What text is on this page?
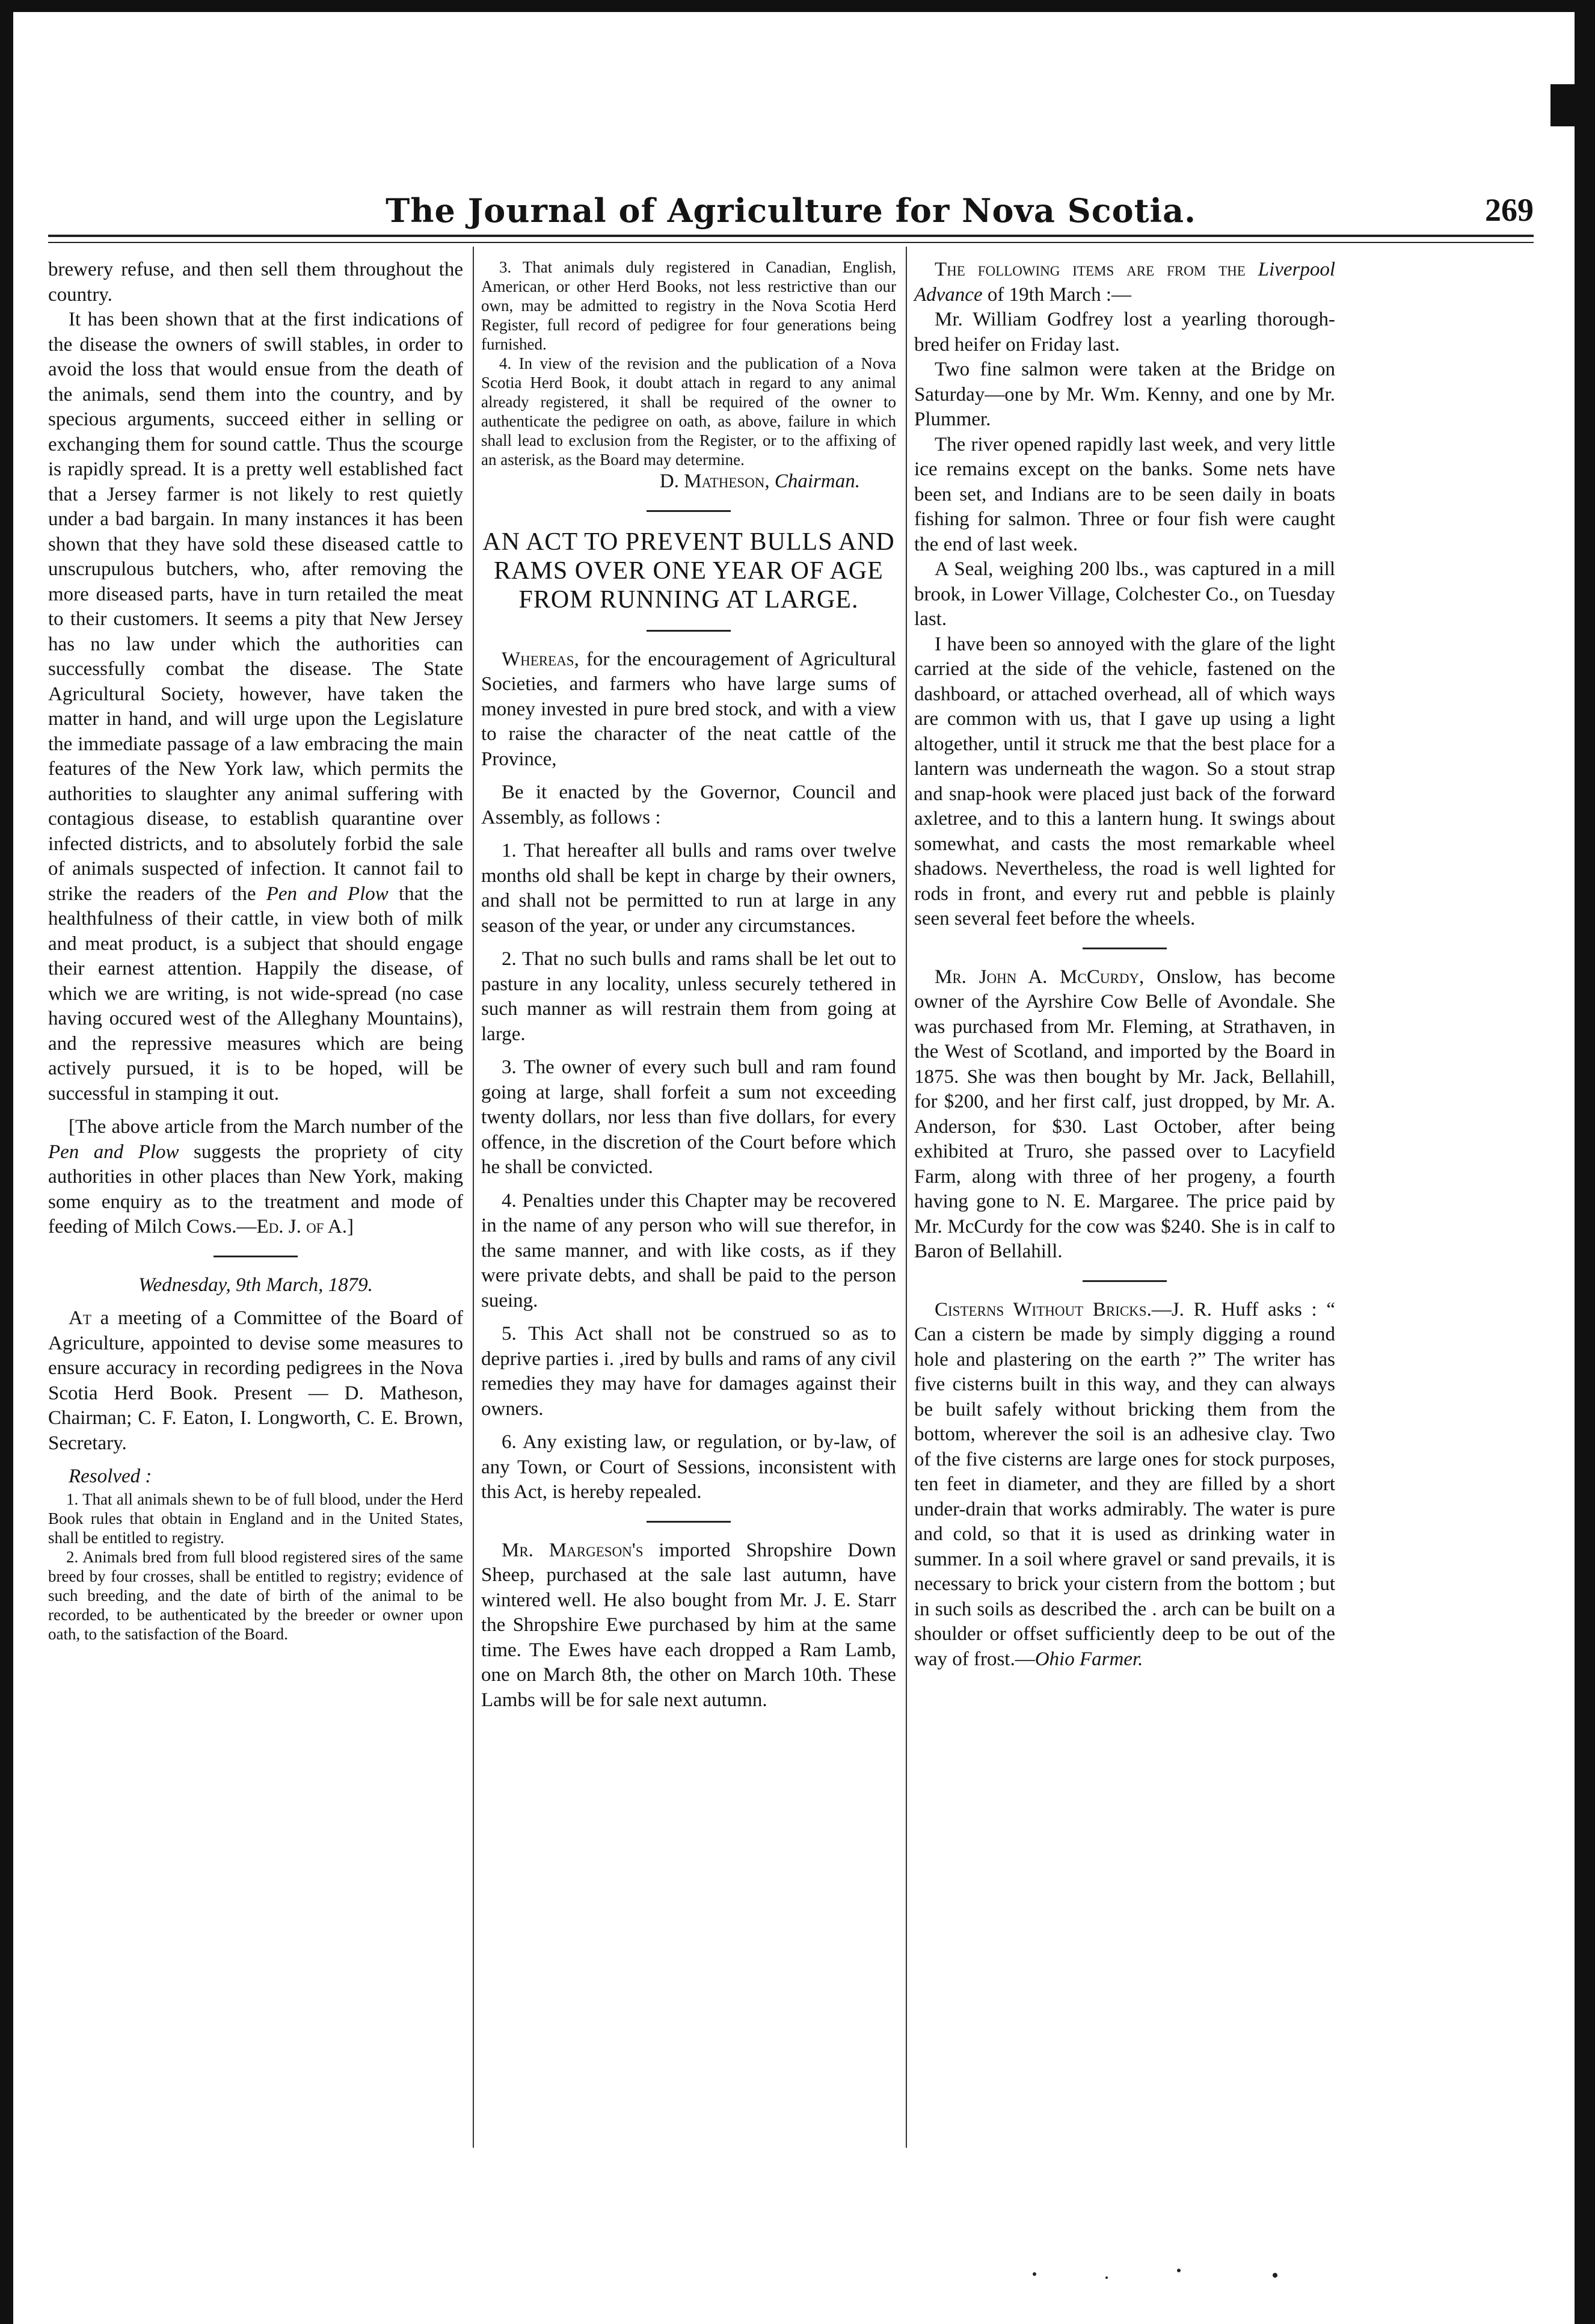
The Journal of Agriculture for Nova Scotia.	269

brewery refuse, and then sell them throughout the country.

It has been shown that at the first indications of the disease the owners of swill stables, in order to avoid the loss that would ensue from the death of the animals, send them into the country, and by specious arguments, succeed either in selling or exchanging them for sound cattle. Thus the scourge is rapidly spread. It is a pretty well established fact that a Jersey farmer is not likely to rest quietly under a bad bargain. In many instances it has been shown that they have sold these diseased cattle to unscrupulous butchers, who, after removing the more diseased parts, have in turn retailed the meat to their customers. It seems a pity that New Jersey has no law under which the authorities can successfully combat the disease. The State Agricultural Society, however, have taken the matter in hand, and will urge upon the Legislature the immediate passage of a law embracing the main features of the New York law, which permits the authorities to slaughter any animal suffering with contagious disease, to establish quarantine over infected districts, and to absolutely forbid the sale of animals suspected of infection. It cannot fail to strike the readers of the Pen and Plow that the healthfulness of their cattle, in view both of milk and meat product, is a subject that should engage their earnest attention. Happily the disease, of which we are writing, is not wide-spread (no case having occured west of the Alleghany Mountains), and the repressive measures which are being actively pursued, it is to be hoped, will be successful in stamping it out.

[The above article from the March number of the Pen and Plow suggests the propriety of city authorities in other places than New York, making some enquiry as to the treatment and mode of feeding of Milch Cows.—Ed. J. of A.]

Wednesday, 9th March, 1879.

At a meeting of a Committee of the Board of Agriculture, appointed to devise some measures to ensure accuracy in recording pedigrees in the Nova Scotia Herd Book. Present — D. Matheson, Chairman; C. F. Eaton, I. Longworth, C. E. Brown, Secretary.

Resolved :

1. That all animals shewn to be of full blood, under the Herd Book rules that obtain in England and in the United States, shall be entitled to registry.

2. Animals bred from full blood registered sires of the same breed by four crosses, shall be entitled to registry; evidence of such breeding, and the date of birth of the animal to be recorded, to be authenticated by the breeder or owner upon oath, to the satisfaction of the Board.

3. That animals duly registered in Canadian, English, American, or other Herd Books, not less restrictive than our own, may be admitted to registry in the Nova Scotia Herd Register, full record of pedigree for four generations being furnished.

4. In view of the revision and the publication of a Nova Scotia Herd Book, it doubt attach in regard to any animal already registered, it shall be required of the owner to authenticate the pedigree on oath, as above, failure in which shall lead to exclusion from the Register, or to the affixing of an asterisk, as the Board may determine.

D. Matheson, Chairman.

AN ACT TO PREVENT BULLS AND RAMS OVER ONE YEAR OF AGE FROM RUNNING AT LARGE.

Whereas, for the encouragement of Agricultural Societies, and farmers who have large sums of money invested in pure bred stock, and with a view to raise the character of the neat cattle of the Province,

Be it enacted by the Governor, Council and Assembly, as follows :

1. That hereafter all bulls and rams over twelve months old shall be kept in charge by their owners, and shall not be permitted to run at large in any season of the year, or under any circumstances.

2. That no such bulls and rams shall be let out to pasture in any locality, unless securely tethered in such manner as will restrain them from going at large.

3. The owner of every such bull and ram found going at large, shall forfeit a sum not exceeding twenty dollars, nor less than five dollars, for every offence, in the discretion of the Court before which he shall be convicted.

4. Penalties under this Chapter may be recovered in the name of any person who will sue therefor, in the same manner, and with like costs, as if they were private debts, and shall be paid to the person sueing.

5. This Act shall not be construed so as to deprive parties i. ,ired by bulls and rams of any civil remedies they may have for damages against their owners.

6. Any existing law, or regulation, or by-law, of any Town, or Court of Sessions, inconsistent with this Act, is hereby repealed.

Mr. Margeson's imported Shropshire Down Sheep, purchased at the sale last autumn, have wintered well. He also bought from Mr. J. E. Starr the Shropshire Ewe purchased by him at the same time. The Ewes have each dropped a Ram Lamb, one on March 8th, the other on March 10th. These Lambs will be for sale next autumn.

The following items are from the Liverpool Advance of 19th March :—

Mr. William Godfrey lost a yearling thorough-bred heifer on Friday last.

Two fine salmon were taken at the Bridge on Saturday—one by Mr. Wm. Kenny, and one by Mr. Plummer.

The river opened rapidly last week, and very little ice remains except on the banks. Some nets have been set, and Indians are to be seen daily in boats fishing for salmon. Three or four fish were caught the end of last week.

A Seal, weighing 200 lbs., was captured in a mill brook, in Lower Village, Colchester Co., on Tuesday last.

I have been so annoyed with the glare of the light carried at the side of the vehicle, fastened on the dashboard, or attached overhead, all of which ways are common with us, that I gave up using a light altogether, until it struck me that the best place for a lantern was underneath the wagon. So a stout strap and snap-hook were placed just back of the forward axletree, and to this a lantern hung. It swings about somewhat, and casts the most remarkable wheel shadows. Nevertheless, the road is well lighted for rods in front, and every rut and pebble is plainly seen several feet before the wheels.

Mr. John A. McCurdy, Onslow, has become owner of the Ayrshire Cow Belle of Avondale. She was purchased from Mr. Fleming, at Strathaven, in the West of Scotland, and imported by the Board in 1875. She was then bought by Mr. Jack, Bellahill, for $200, and her first calf, just dropped, by Mr. A. Anderson, for $30. Last October, after being exhibited at Truro, she passed over to Lacyfield Farm, along with three of her progeny, a fourth having gone to N. E. Margaree. The price paid by Mr. McCurdy for the cow was $240. She is in calf to Baron of Bellahill.

Cisterns Without Bricks.—J. R. Huff asks : “ Can a cistern be made by simply digging a round hole and plastering on the earth ?” The writer has five cisterns built in this way, and they can always be built safely without bricking them from the bottom, wherever the soil is an adhesive clay. Two of the five cisterns are large ones for stock purposes, ten feet in diameter, and they are filled by a short under-drain that works admirably. The water is pure and cold, so that it is used as drinking water in summer. In a soil where gravel or sand prevails, it is necessary to brick your cistern from the bottom ; but in such soils as described the . arch can be built on a shoulder or offset sufficiently deep to be out of the way of frost.—Ohio Farmer.
